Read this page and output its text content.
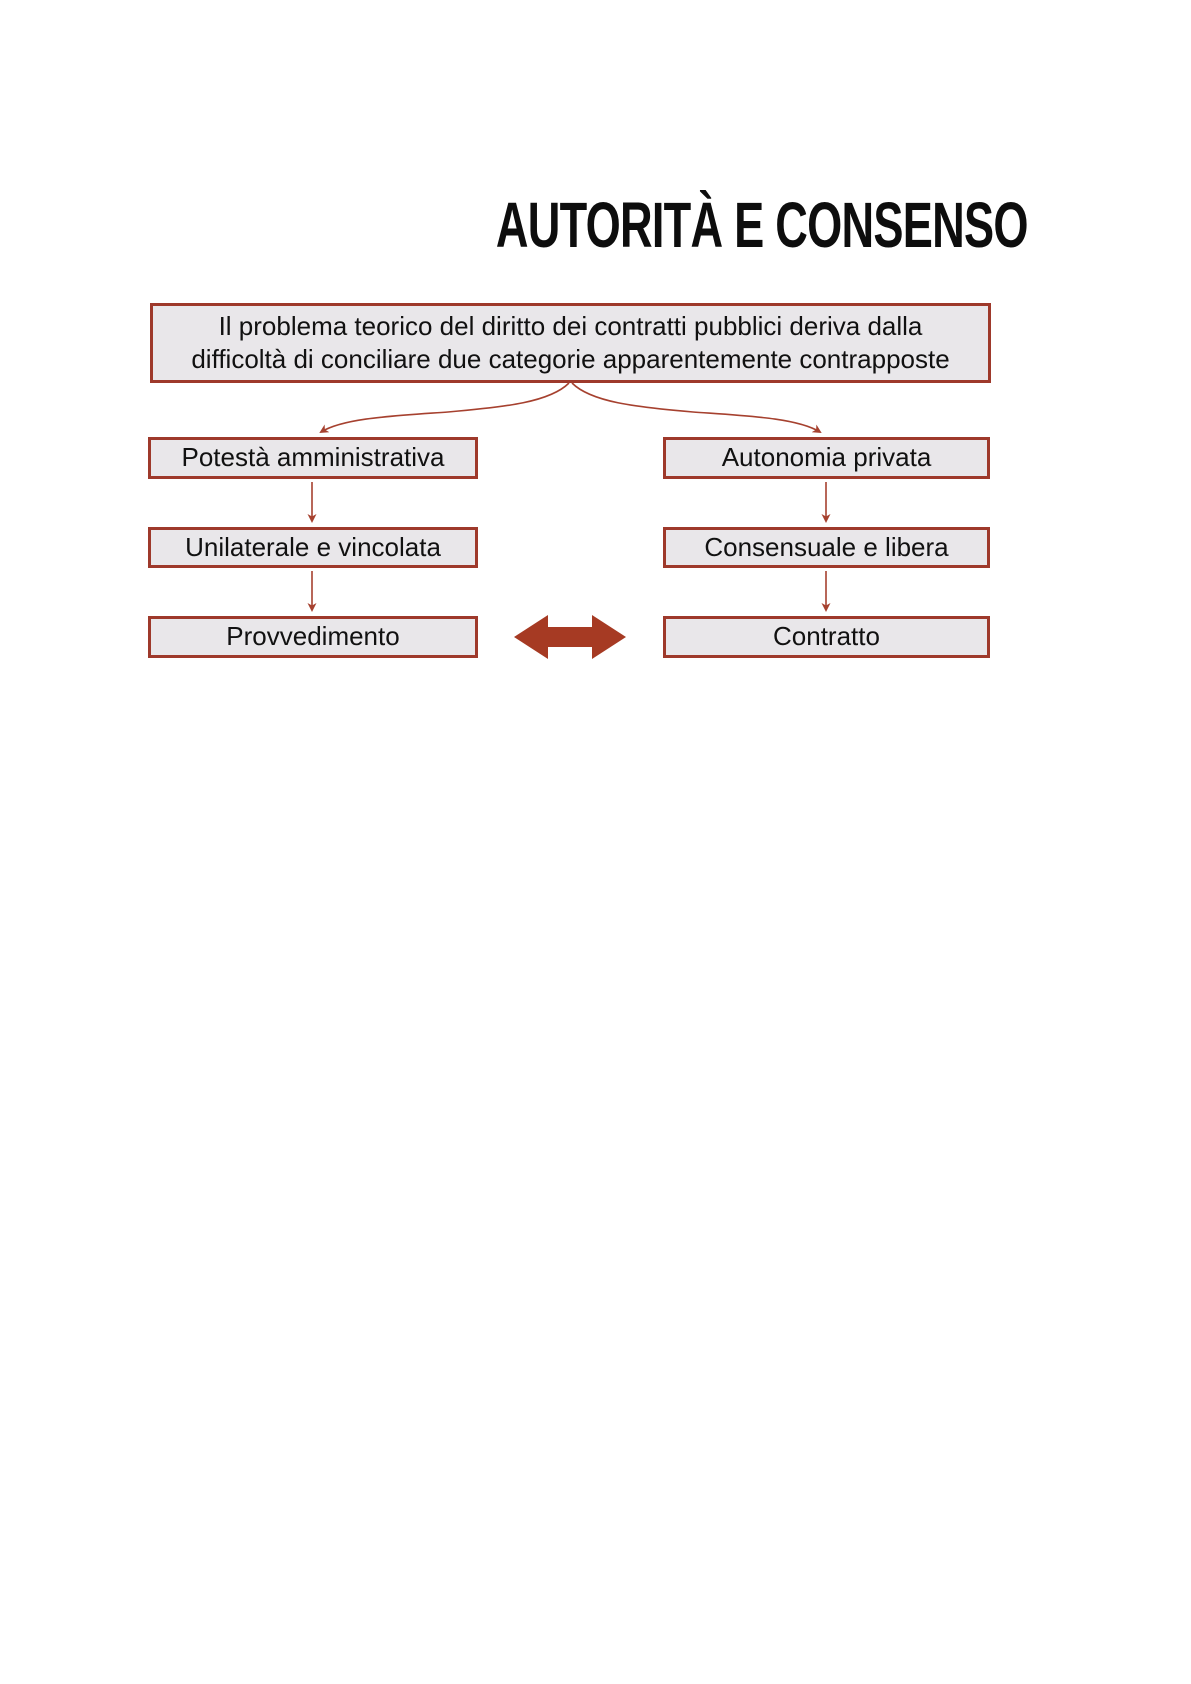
AUTORITÀ E CONSENSO
Il problema teorico del diritto dei contratti pubblici deriva dalla
difficoltà di conciliare due categorie apparentemente contrapposte
Potestà amministrativa
Unilaterale e vincolata
Provvedimento
Autonomia privata
Consensuale e libera
Contratto
